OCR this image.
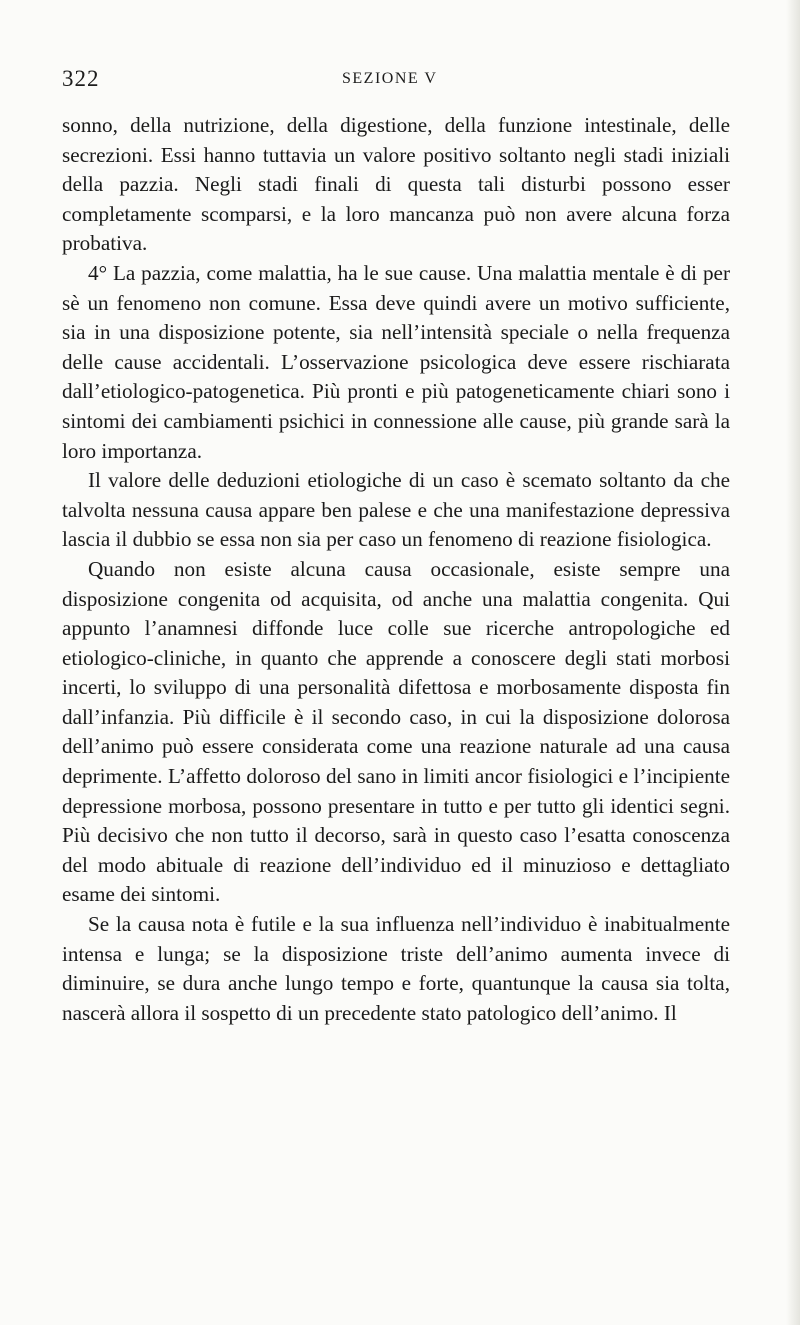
322	SEZIONE V

sonno, della nutrizione, della digestione, della funzione intestinale, delle secrezioni. Essi hanno tuttavia un valore positivo soltanto negli stadi iniziali della pazzia. Negli stadi finali di questa tali disturbi possono esser completamente scomparsi, e la loro mancanza può non avere alcuna forza probativa.

4° La pazzia, come malattia, ha le sue cause. Una malattia mentale è di per sè un fenomeno non comune. Essa deve quindi avere un motivo sufficiente, sia in una disposizione potente, sia nell’intensità speciale o nella frequenza delle cause accidentali. L’osservazione psicologica deve essere rischiarata dall’etiologico-patogenetica. Più pronti e più patogeneticamente chiari sono i sintomi dei cambiamenti psichici in connessione alle cause, più grande sarà la loro importanza.

Il valore delle deduzioni etiologiche di un caso è scemato soltanto da che talvolta nessuna causa appare ben palese e che una manifestazione depressiva lascia il dubbio se essa non sia per caso un fenomeno di reazione fisiologica.

Quando non esiste alcuna causa occasionale, esiste sempre una disposizione congenita od acquisita, od anche una malattia congenita. Qui appunto l’anamnesi diffonde luce colle sue ricerche antropologiche ed etiologico-cliniche, in quanto che apprende a conoscere degli stati morbosi incerti, lo sviluppo di una personalità difettosa e morbosamente disposta fin dall’infanzia. Più difficile è il secondo caso, in cui la disposizione dolorosa dell’animo può essere considerata come una reazione naturale ad una causa deprimente. L’affetto doloroso del sano in limiti ancor fisiologici e l’incipiente depressione morbosa, possono presentare in tutto e per tutto gli identici segni. Più decisivo che non tutto il decorso, sarà in questo caso l’esatta conoscenza del modo abituale di reazione dell’individuo ed il minuzioso e dettagliato esame dei sintomi.

Se la causa nota è futile e la sua influenza nell’individuo è inabitualmente intensa e lunga; se la disposizione triste dell’animo aumenta invece di diminuire, se dura anche lungo tempo e forte, quantunque la causa sia tolta, nascerà allora il sospetto di un precedente stato patologico dell’animo. Il
